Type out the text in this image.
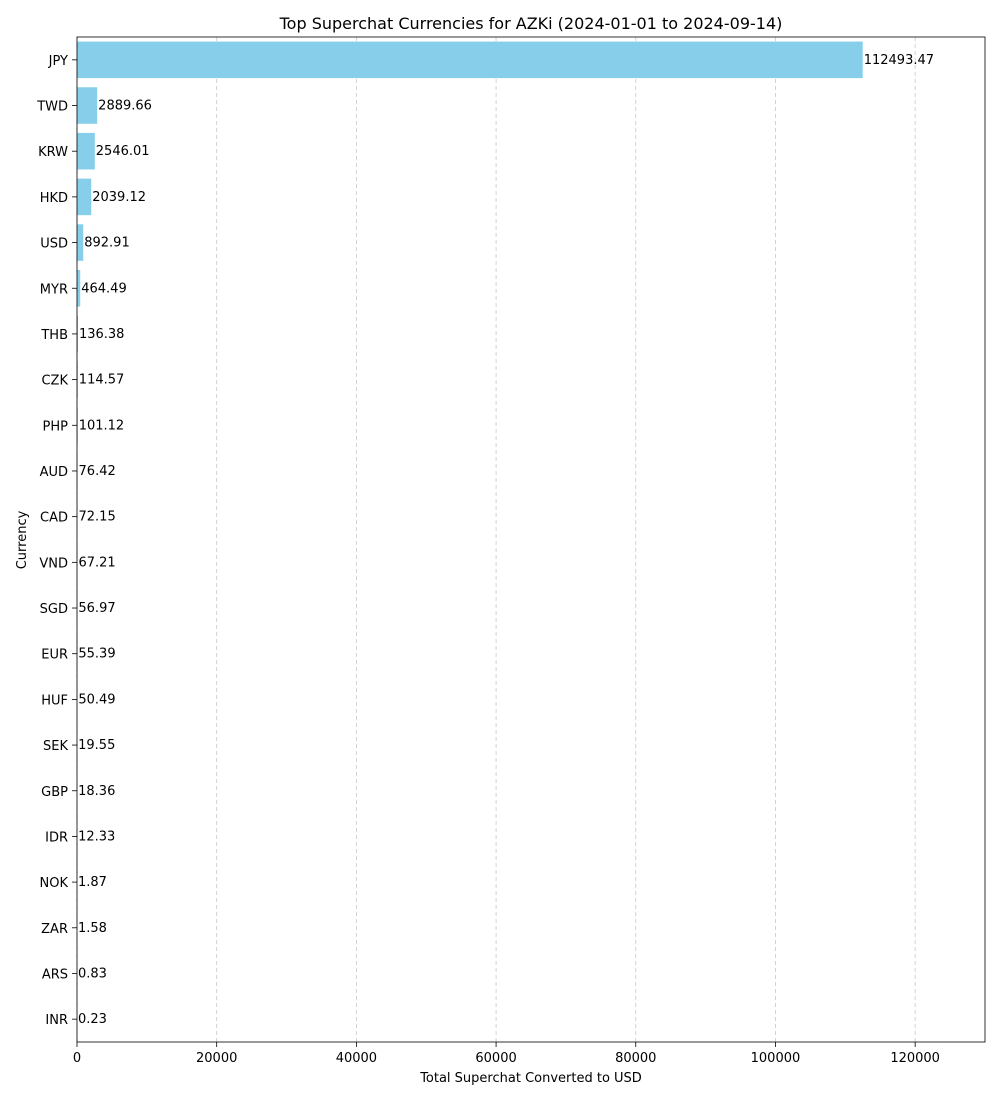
Top Superchat Currencies for AZKi (2024-01-01 to 2024-09-14)
112493.47
2889.66
2546.01
2039.12
892.91
464.49
136.38
114.57
101.12
76.42
72.15
67.21
56.97
55.39
50.49
19.55
18.36
12.33
1.87
1.58
0.83
0.23
0	20000	40000	60000	80000	100000	120000
JPY
TWD
KRW
HKD
USD
MYR
THB
CZK
PHP
AUD
CAD
VND
SGD
EUR
HUF
SEK
GBP
IDR
NOK
ZAR
ARS
INR
Total Superchat Converted to USD
Currency
